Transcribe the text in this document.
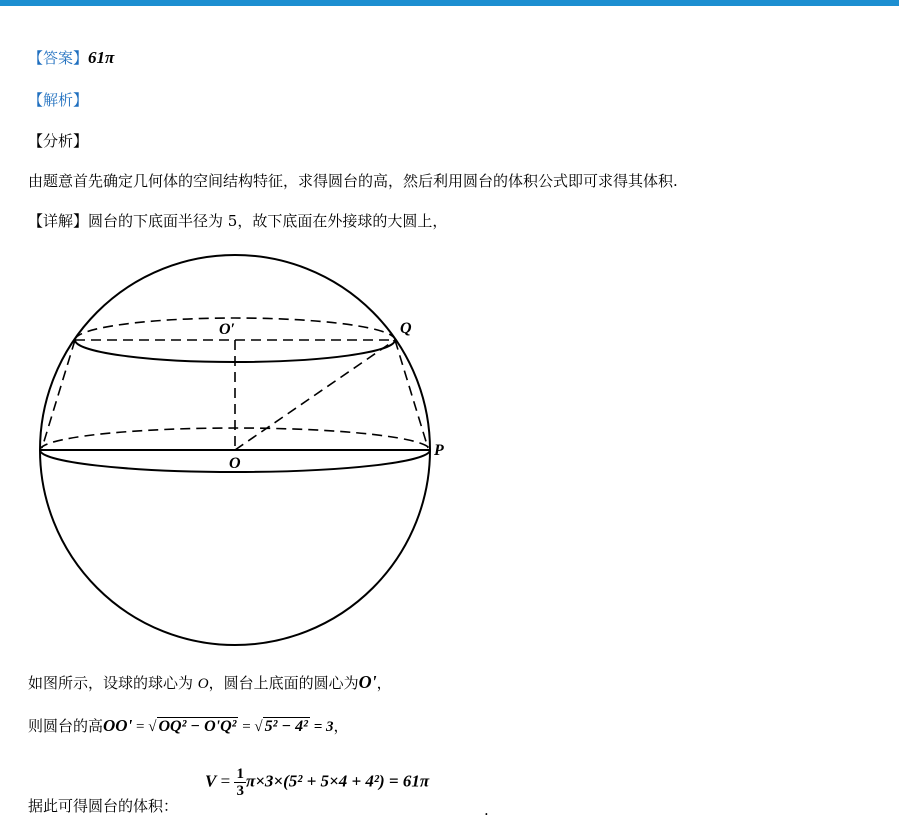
【答案】61π
【解析】
【分析】
由题意首先确定几何体的空间结构特征，求得圆台的高，然后利用圆台的体积公式即可求得其体积.
【详解】圆台的下底面半径为 5，故下底面在外接球的大圆上，
O′	Q
O
P
如图所示，设球的球心为 O，圆台上底面的圆心为O'，
则圆台的高OO' = √ OQ² − O'Q² = √ 5² − 4² = 3，
据此可得圆台的体积：
$V = \frac{1}{3} \pi\times 3\times(5^2 + 5\times 4 + 4^2) = 61\pi$
.
